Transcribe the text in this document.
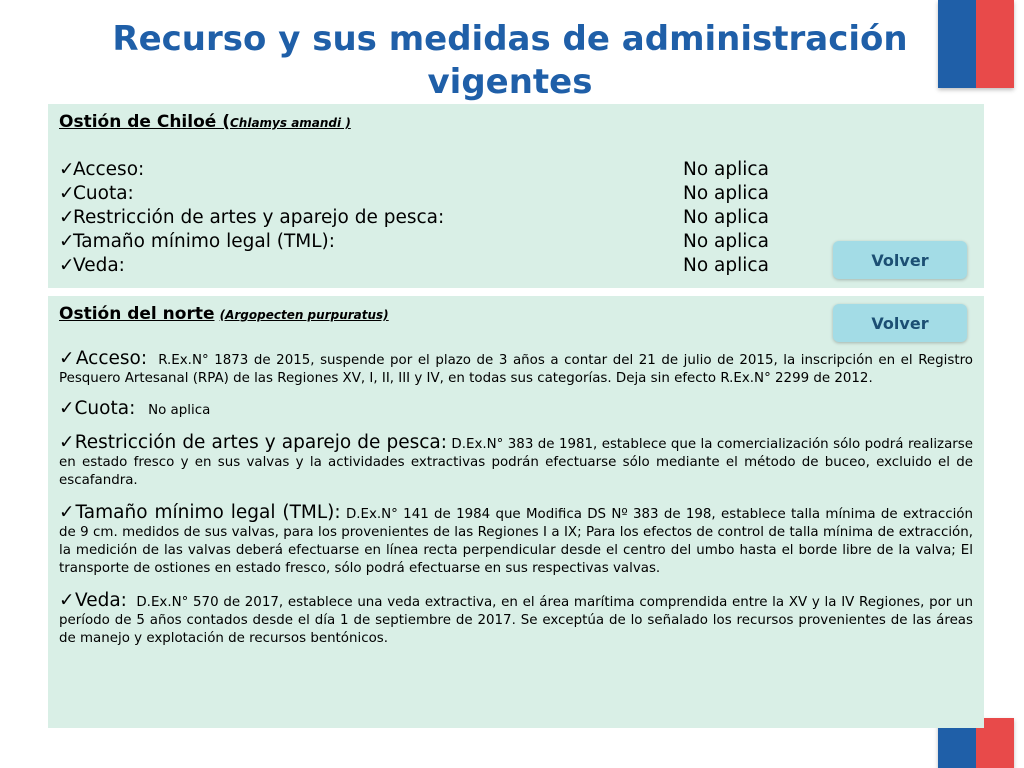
Recurso y sus medidas de administración vigentes
Ostión de Chiloé (Chlamys amandi )
✓
Acceso:	No aplica
✓
Cuota:	No aplica
✓
Restricción de artes y aparejo de pesca:	No aplica
✓
Tamaño mínimo legal (TML):	No aplica
✓
Veda:	No aplica	Volver
Ostión del norte (Argopecten purpuratus)	Volver

✓Acceso: R.Ex.N° 1873 de 2015, suspende por el plazo de 3 años a contar del 21 de julio de 2015, la inscripción en el Registro Pesquero Artesanal (RPA) de las Regiones XV, I, II, III y IV, en todas sus categorías. Deja sin efecto R.Ex.N° 2299 de 2012.

✓Cuota: No aplica

✓Restricción de artes y aparejo de pesca: D.Ex.N° 383 de 1981, establece que la comercialización sólo podrá realizarse en estado fresco y en sus valvas y la actividades extractivas podrán efectuarse sólo mediante el método de buceo, excluido el de escafandra.

✓Tamaño mínimo legal (TML): D.Ex.N° 141 de 1984 que Modifica DS Nº 383 de 198, establece talla mínima de extracción de 9 cm. medidos de sus valvas, para los provenientes de las Regiones I a IX; Para los efectos de control de talla mínima de extracción, la medición de las valvas deberá efectuarse en línea recta perpendicular desde el centro del umbo hasta el borde libre de la valva; El transporte de ostiones en estado fresco, sólo podrá efectuarse en sus respectivas valvas.

✓Veda: D.Ex.N° 570 de 2017, establece una veda extractiva, en el área marítima comprendida entre la XV y la IV Regiones, por un período de 5 años contados desde el día 1 de septiembre de 2017. Se exceptúa de lo señalado los recursos provenientes de las áreas de manejo y explotación de recursos bentónicos.
